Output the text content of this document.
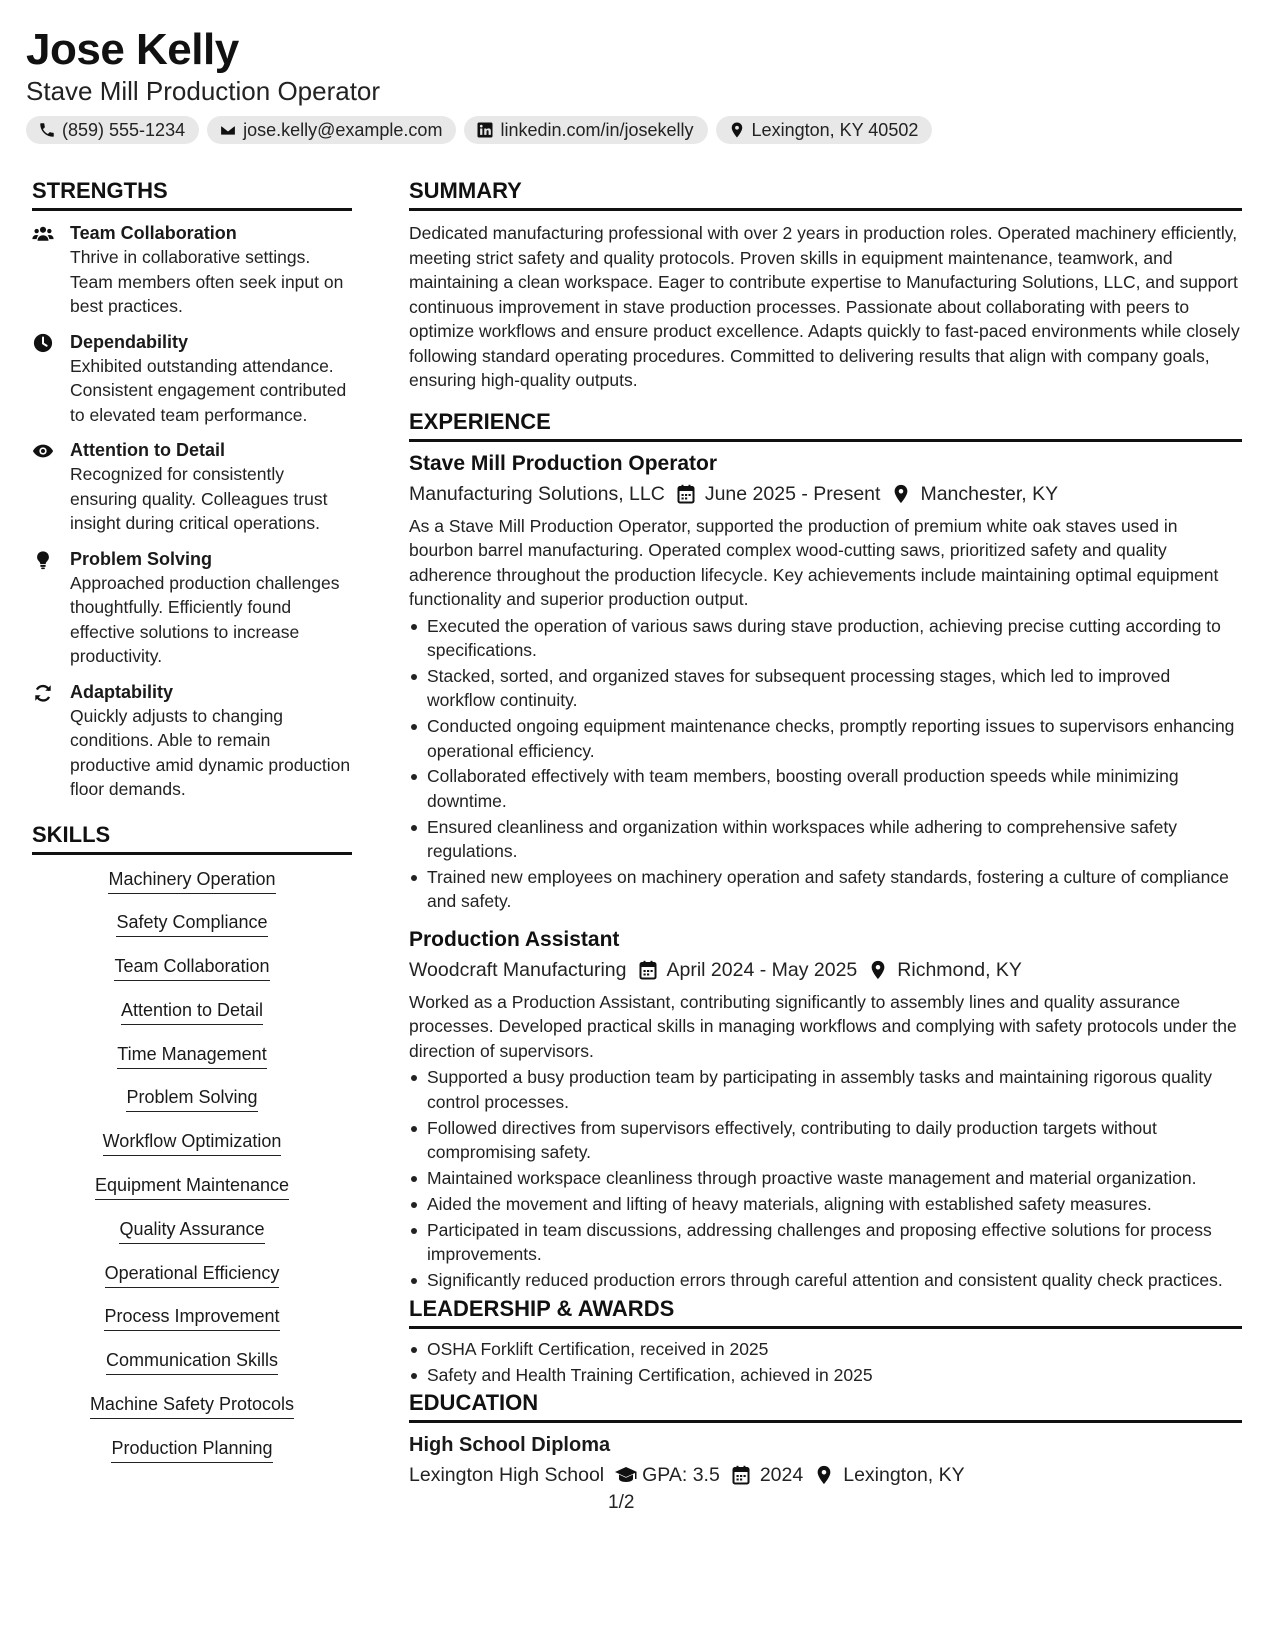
Jose Kelly
Stave Mill Production Operator
(859) 555-1234	jose.kelly@example.com	linkedin.com/in/josekelly	Lexington, KY 40502
STRENGTHS
Team Collaboration
Thrive in collaborative settings. Team members often seek input on best practices.
Dependability
Exhibited outstanding attendance. Consistent engagement contributed to elevated team performance.
Attention to Detail
Recognized for consistently ensuring quality. Colleagues trust insight during critical operations.
Problem Solving
Approached production challenges thoughtfully. Efficiently found effective solutions to increase productivity.
Adaptability
Quickly adjusts to changing conditions. Able to remain productive amid dynamic production floor demands.
SKILLS
Machinery Operation
Safety Compliance
Team Collaboration
Attention to Detail
Time Management
Problem Solving
Workflow Optimization
Equipment Maintenance
Quality Assurance
Operational Efficiency
Process Improvement
Communication Skills
Machine Safety Protocols
Production Planning
SUMMARY
Dedicated manufacturing professional with over 2 years in production roles. Operated machinery efficiently, meeting strict safety and quality protocols. Proven skills in equipment maintenance, teamwork, and maintaining a clean workspace. Eager to contribute expertise to Manufacturing Solutions, LLC, and support continuous improvement in stave production processes. Passionate about collaborating with peers to optimize workflows and ensure product excellence. Adapts quickly to fast-paced environments while closely following standard operating procedures. Committed to delivering results that align with company goals, ensuring high-quality outputs.
EXPERIENCE
Stave Mill Production Operator
Manufacturing Solutions, LLC June 2025 - Present Manchester, KY
As a Stave Mill Production Operator, supported the production of premium white oak staves used in bourbon barrel manufacturing. Operated complex wood-cutting saws, prioritized safety and quality adherence throughout the production lifecycle. Key achievements include maintaining optimal equipment functionality and superior production output.
Executed the operation of various saws during stave production, achieving precise cutting according to specifications.
Stacked, sorted, and organized staves for subsequent processing stages, which led to improved workflow continuity.
Conducted ongoing equipment maintenance checks, promptly reporting issues to supervisors enhancing operational efficiency.
Collaborated effectively with team members, boosting overall production speeds while minimizing downtime.
Ensured cleanliness and organization within workspaces while adhering to comprehensive safety regulations.
Trained new employees on machinery operation and safety standards, fostering a culture of compliance and safety.
Production Assistant
Woodcraft Manufacturing April 2024 - May 2025 Richmond, KY
Worked as a Production Assistant, contributing significantly to assembly lines and quality assurance processes. Developed practical skills in managing workflows and complying with safety protocols under the direction of supervisors.
Supported a busy production team by participating in assembly tasks and maintaining rigorous quality control processes.
Followed directives from supervisors effectively, contributing to daily production targets without compromising safety.
Maintained workspace cleanliness through proactive waste management and material organization.
Aided the movement and lifting of heavy materials, aligning with established safety measures.
Participated in team discussions, addressing challenges and proposing effective solutions for process improvements.
Significantly reduced production errors through careful attention and consistent quality check practices.
LEADERSHIP & AWARDS
OSHA Forklift Certification, received in 2025
Safety and Health Training Certification, achieved in 2025
EDUCATION
High School Diploma
Lexington High School GPA: 3.5 2024 Lexington, KY
1/2
